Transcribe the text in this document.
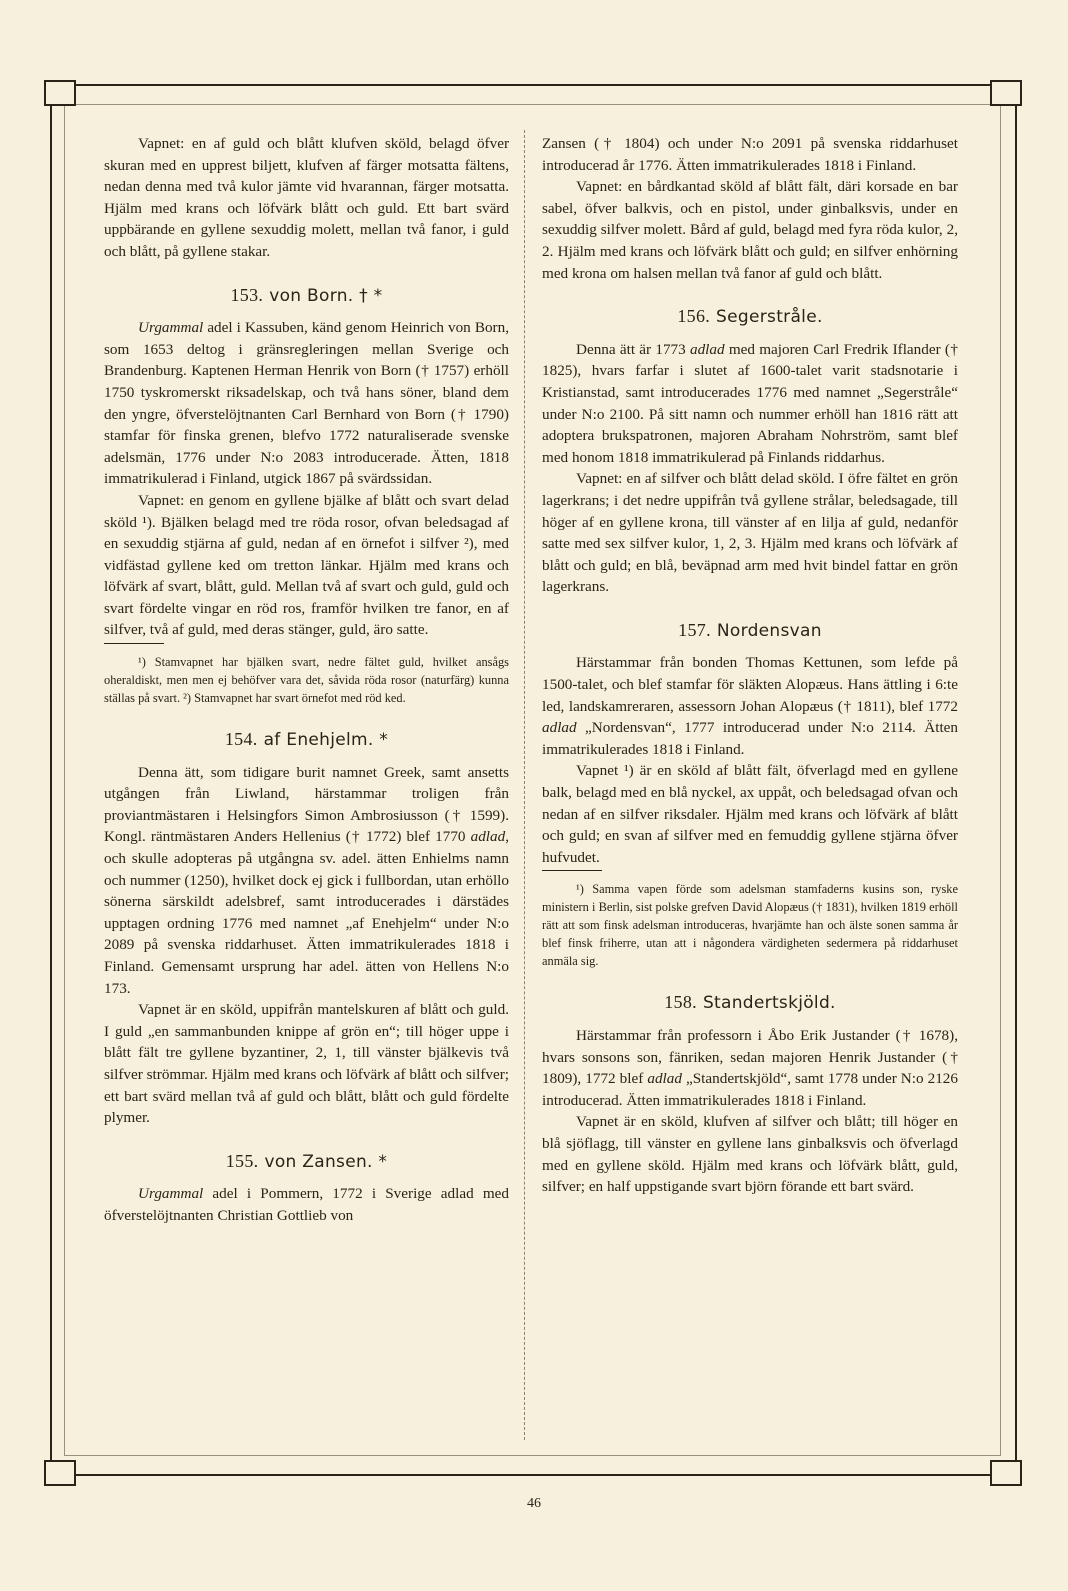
Vapnet: en af guld och blått klufven sköld, belagd öfver skuran med en upprest biljett, klufven af färger motsatta fältens, nedan denna med två kulor jämte vid hvarannan, färger motsatta. Hjälm med krans och löfvärk blått och guld. Ett bart svärd uppbärande en gyllene sexuddig molett, mellan två fanor, i guld och blått, på gyllene stakar.

153. von Born. † *

Urgammal adel i Kassuben, känd genom Heinrich von Born, som 1653 deltog i gränsregleringen mellan Sverige och Brandenburg. Kaptenen Herman Henrik von Born († 1757) erhöll 1750 tyskromerskt riksadelskap, och två hans söner, bland dem den yngre, öfverstelöjtnanten Carl Bernhard von Born († 1790) stamfar för finska grenen, blefvo 1772 naturaliserade svenske adelsmän, 1776 under N:o 2083 introducerade. Ätten, 1818 immatrikulerad i Finland, utgick 1867 på svärdssidan.

Vapnet: en genom en gyllene bjälke af blått och svart delad sköld ¹). Bjälken belagd med tre röda rosor, ofvan beledsagad af en sexuddig stjärna af guld, nedan af en örnefot i silfver ²), med vidfästad gyllene ked om tretton länkar. Hjälm med krans och löfvärk af svart, blått, guld. Mellan två af svart och guld, guld och svart fördelte vingar en röd ros, framför hvilken tre fanor, en af silfver, två af guld, med deras stänger, guld, äro satte.

¹) Stamvapnet har bjälken svart, nedre fältet guld, hvilket ansågs oheraldiskt, men men ej behöfver vara det, såvida röda rosor (naturfärg) kunna ställas på svart. ²) Stamvapnet har svart örnefot med röd ked.

154. af Enehjelm. *

Denna ätt, som tidigare burit namnet Greek, samt ansetts utgången från Liwland, härstammar troligen från proviantmästaren i Helsingfors Simon Ambrosiusson († 1599). Kongl. räntmästaren Anders Hellenius († 1772) blef 1770 adlad, och skulle adopteras på utgångna sv. adel. ätten Enhielms namn och nummer (1250), hvilket dock ej gick i fullbordan, utan erhöllo sönerna särskildt adelsbref, samt introducerades i därstädes upptagen ordning 1776 med namnet „af Enehjelm“ under N:o 2089 på svenska riddarhuset. Ätten immatrikulerades 1818 i Finland. Gemensamt ursprung har adel. ätten von Hellens N:o 173.

Vapnet är en sköld, uppifrån mantelskuren af blått och guld. I guld „en sammanbunden knippe af grön en“; till höger uppe i blått fält tre gyllene byzantiner, 2, 1, till vänster bjälkevis två silfver strömmar. Hjälm med krans och löfvärk af blått och silfver; ett bart svärd mellan två af guld och blått, blått och guld fördelte plymer.

155. von Zansen. *

Urgammal adel i Pommern, 1772 i Sverige adlad med öfverstelöjtnanten Christian Gottlieb von

Zansen († 1804) och under N:o 2091 på svenska riddarhuset introducerad år 1776. Ätten immatrikulerades 1818 i Finland.

Vapnet: en bårdkantad sköld af blått fält, däri korsade en bar sabel, öfver balkvis, och en pistol, under ginbalksvis, under en sexuddig silfver molett. Bård af guld, belagd med fyra röda kulor, 2, 2. Hjälm med krans och löfvärk blått och guld; en silfver enhörning med krona om halsen mellan två fanor af guld och blått.

156. Segerstråle.

Denna ätt är 1773 adlad med majoren Carl Fredrik Iflander († 1825), hvars farfar i slutet af 1600-talet varit stadsnotarie i Kristianstad, samt introducerades 1776 med namnet „Segerstråle“ under N:o 2100. På sitt namn och nummer erhöll han 1816 rätt att adoptera brukspatronen, majoren Abraham Nohrström, samt blef med honom 1818 immatrikulerad på Finlands riddarhus.

Vapnet: en af silfver och blått delad sköld. I öfre fältet en grön lagerkrans; i det nedre uppifrån två gyllene strålar, beledsagade, till höger af en gyllene krona, till vänster af en lilja af guld, nedanför satte med sex silfver kulor, 1, 2, 3. Hjälm med krans och löfvärk af blått och guld; en blå, beväpnad arm med hvit bindel fattar en grön lagerkrans.

157. Nordensvan

Härstammar från bonden Thomas Kettunen, som lefde på 1500-talet, och blef stamfar för släkten Alopæus. Hans ättling i 6:te led, landskamreraren, assessorn Johan Alopæus († 1811), blef 1772 adlad „Nordensvan“, 1777 introducerad under N:o 2114. Ätten immatrikulerades 1818 i Finland.

Vapnet ¹) är en sköld af blått fält, öfverlagd med en gyllene balk, belagd med en blå nyckel, ax uppåt, och beledsagad ofvan och nedan af en silfver riksdaler. Hjälm med krans och löfvärk af blått och guld; en svan af silfver med en femuddig gyllene stjärna öfver hufvudet.

¹) Samma vapen förde som adelsman stamfaderns kusins son, ryske ministern i Berlin, sist polske grefven David Alopæus († 1831), hvilken 1819 erhöll rätt att som finsk adelsman introduceras, hvarjämte han och älste sonen samma år blef finsk friherre, utan att i någondera värdigheten sedermera på riddarhuset anmäla sig.

158. Standertskjöld.

Härstammar från professorn i Åbo Erik Justander († 1678), hvars sonsons son, fänriken, sedan majoren Henrik Justander († 1809), 1772 blef adlad „Standertskjöld“, samt 1778 under N:o 2126 introducerad. Ätten immatrikulerades 1818 i Finland.

Vapnet är en sköld, klufven af silfver och blått; till höger en blå sjöflagg, till vänster en gyllene lans ginbalksvis och öfverlagd med en gyllene sköld. Hjälm med krans och löfvärk blått, guld, silfver; en half uppstigande svart björn förande ett bart svärd.

46
